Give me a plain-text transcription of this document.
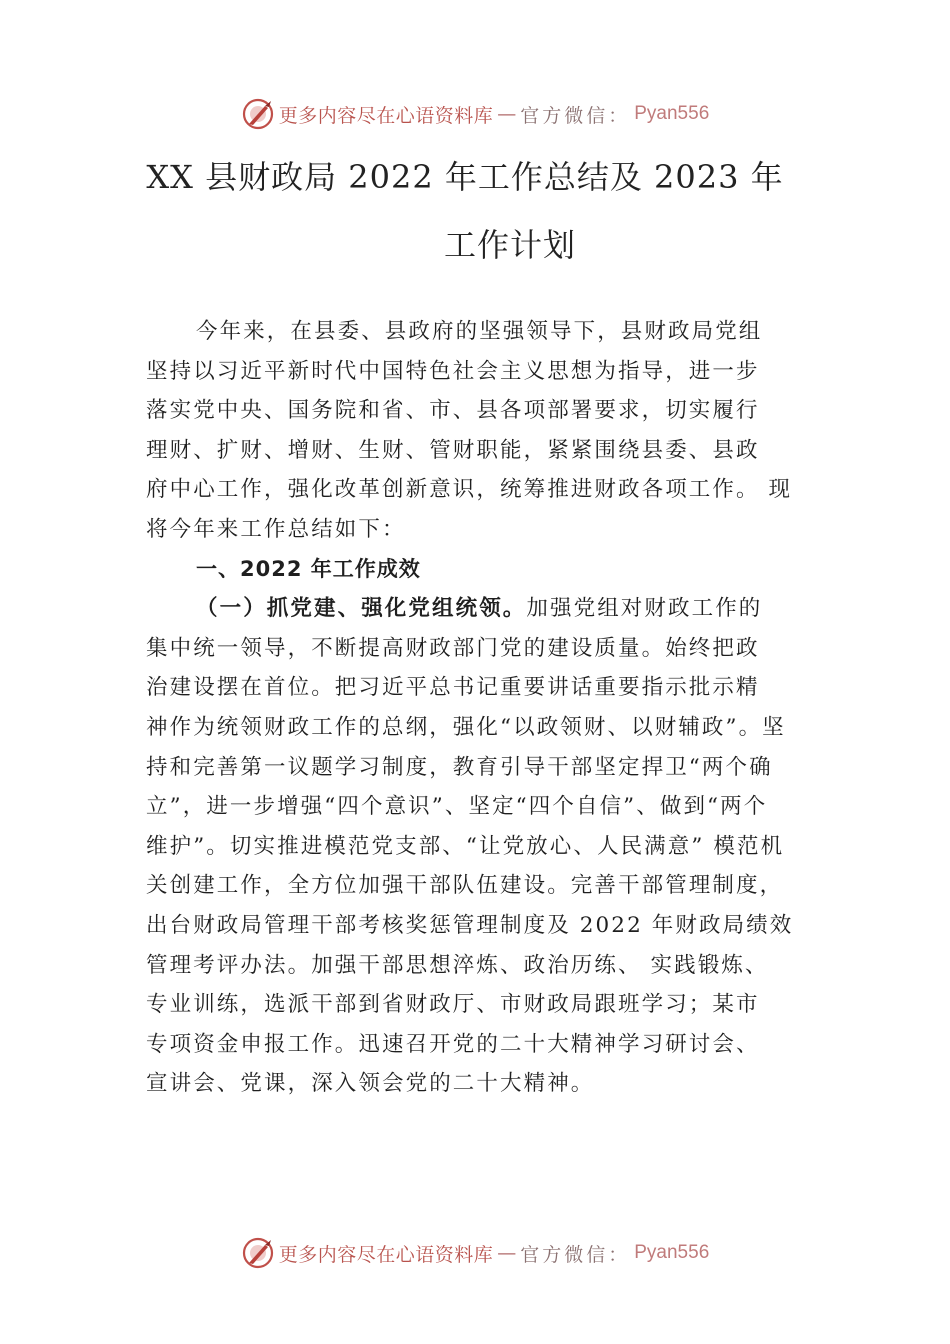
更多内容尽在心语资料库 — 官方微信： Pyan556
XX 县财政局 2022 年工作总结及 2023 年
工作计划
今年来，在县委、县政府的坚强领导下，县财政局党组
坚持以习近平新时代中国特色社会主义思想为指导，进一步
落实党中央、国务院和省、市、县各项部署要求，切实履行
理财、扩财、增财、生财、管财职能，紧紧围绕县委、县政
府中心工作，强化改革创新意识，统筹推进财政各项工作。 现
将今年来工作总结如下：
一、2022 年工作成效
（一）抓党建、强化党组统领。加强党组对财政工作的
集中统一领导，不断提高财政部门党的建设质量。始终把政
治建设摆在首位。把习近平总书记重要讲话重要指示批示精
神作为统领财政工作的总纲，强化“以政领财、以财辅政”。坚
持和完善第一议题学习制度，教育引导干部坚定捍卫“两个确
立”，进一步增强“四个意识”、坚定“四个自信”、做到“两个
维护”。切实推进模范党支部、“让党放心、人民满意” 模范机
关创建工作，全方位加强干部队伍建设。完善干部管理制度，
出台财政局管理干部考核奖惩管理制度及 2022 年财政局绩效
管理考评办法。加强干部思想淬炼、政治历练、 实践锻炼、
专业训练，选派干部到省财政厅、市财政局跟班学习；某市
专项资金申报工作。迅速召开党的二十大精神学习研讨会、
宣讲会、党课，深入领会党的二十大精神。
更多内容尽在心语资料库 — 官方微信： Pyan556
